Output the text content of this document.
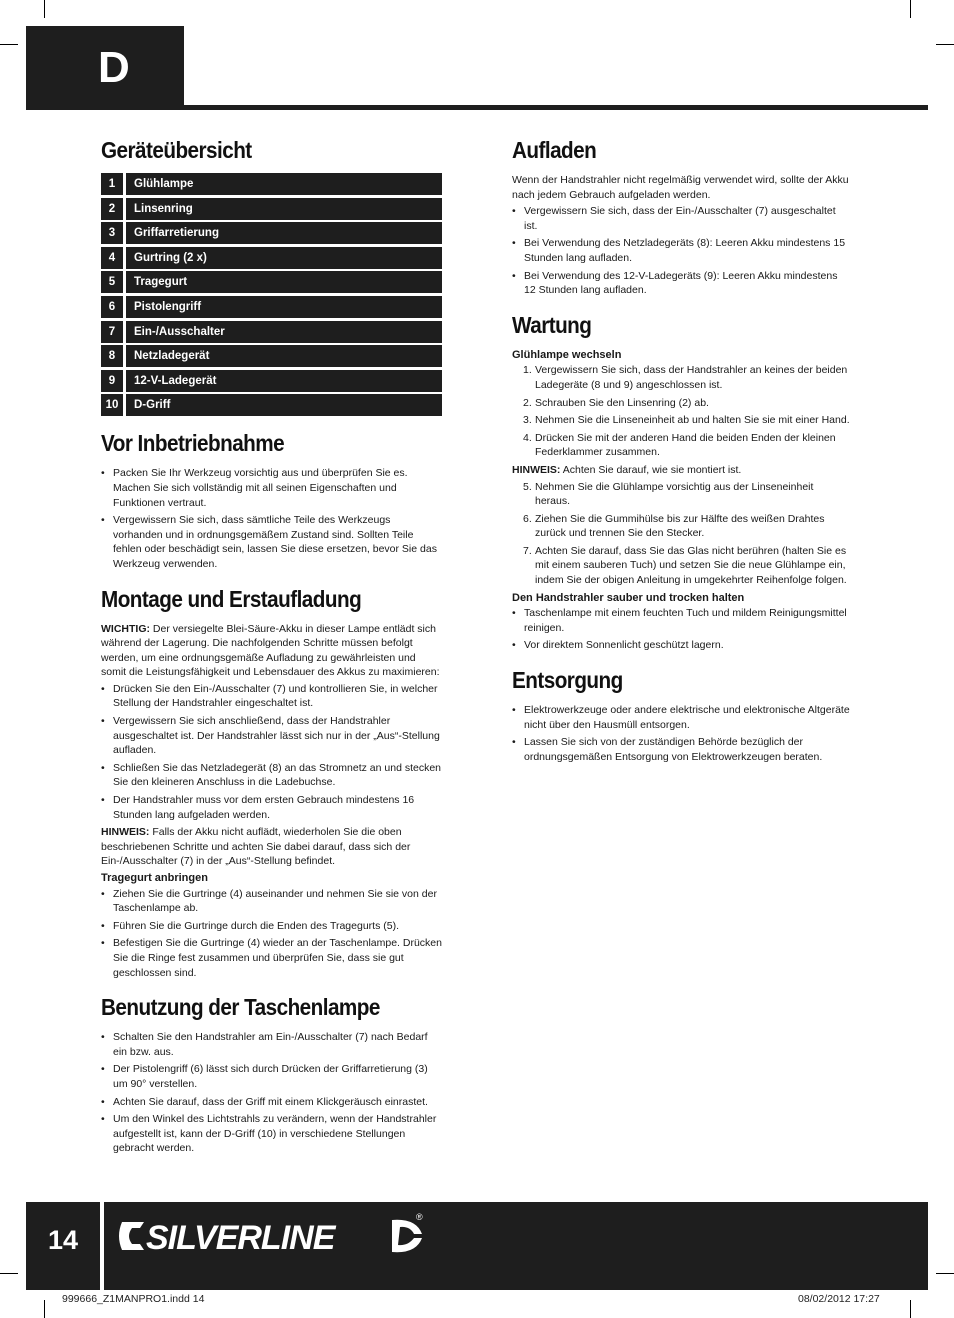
D
Geräteübersicht
1	Glühlampe
2	Linsenring
3	Griffarretierung
4	Gurtring (2 x)
5	Tragegurt
6	Pistolengriff
7	Ein-/Ausschalter
8	Netzladegerät
9	12-V-Ladegerät
10	D-Griff
Vor Inbetriebnahme
• Packen Sie Ihr Werkzeug vorsichtig aus und überprüfen Sie es. Machen Sie sich vollständig mit all seinen Eigenschaften und Funktionen vertraut.
• Vergewissern Sie sich, dass sämtliche Teile des Werkzeugs vorhanden und in ordnungsgemäßem Zustand sind. Sollten Teile fehlen oder beschädigt sein, lassen Sie diese ersetzen, bevor Sie das Werkzeug verwenden.
Montage und Erstaufladung

WICHTIG: Der versiegelte Blei-Säure-Akku in dieser Lampe entlädt sich während der Lagerung. Die nachfolgenden Schritte müssen befolgt werden, um eine ordnungsgemäße Aufladung zu gewährleisten und somit die Leistungsfähigkeit und Lebensdauer des Akkus zu maximieren:

• Drücken Sie den Ein-/Ausschalter (7) und kontrollieren Sie, in welcher Stellung der Handstrahler eingeschaltet ist.
• Vergewissern Sie sich anschließend, dass der Handstrahler ausgeschaltet ist. Der Handstrahler lässt sich nur in der „Aus“-Stellung aufladen.
• Schließen Sie das Netzladegerät (8) an das Stromnetz an und stecken Sie den kleineren Anschluss in die Ladebuchse.
• Der Handstrahler muss vor dem ersten Gebrauch mindestens 16 Stunden lang aufgeladen werden.

HINWEIS: Falls der Akku nicht auflädt, wiederholen Sie die oben beschriebenen Schritte und achten Sie dabei darauf, dass sich der Ein-/Ausschalter (7) in der „Aus“-Stellung befindet.

Tragegurt anbringen
• Ziehen Sie die Gurtringe (4) auseinander und nehmen Sie sie von der Taschenlampe ab.
• Führen Sie die Gurtringe durch die Enden des Tragegurts (5).
• Befestigen Sie die Gurtringe (4) wieder an der Taschenlampe. Drücken Sie die Ringe fest zusammen und überprüfen Sie, dass sie gut geschlossen sind.
Benutzung der Taschenlampe
• Schalten Sie den Handstrahler am Ein-/Ausschalter (7) nach Bedarf ein bzw. aus.
• Der Pistolengriff (6) lässt sich durch Drücken der Griffarretierung (3) um 90° verstellen.
• Achten Sie darauf, dass der Griff mit einem Klickgeräusch einrastet.
• Um den Winkel des Lichtstrahls zu verändern, wenn der Handstrahler aufgestellt ist, kann der D-Griff (10) in verschiedene Stellungen gebracht werden.
Aufladen

Wenn der Handstrahler nicht regelmäßig verwendet wird, sollte der Akku nach jedem Gebrauch aufgeladen werden.

• Vergewissern Sie sich, dass der Ein-/Ausschalter (7) ausgeschaltet ist.
• Bei Verwendung des Netzladegeräts (8): Leeren Akku mindestens 15 Stunden lang aufladen.
• Bei Verwendung des 12-V-Ladegeräts (9): Leeren Akku mindestens 12 Stunden lang aufladen.
Wartung
Glühlampe wechseln
1. Vergewissern Sie sich, dass der Handstrahler an keines der beiden Ladegeräte (8 und 9) angeschlossen ist.
2. Schrauben Sie den Linsenring (2) ab.
3. Nehmen Sie die Linseneinheit ab und halten Sie sie mit einer Hand.
4. Drücken Sie mit der anderen Hand die beiden Enden der kleinen Federklammer zusammen.

HINWEIS: Achten Sie darauf, wie sie montiert ist.

5. Nehmen Sie die Glühlampe vorsichtig aus der Linseneinheit heraus.
6. Ziehen Sie die Gummihülse bis zur Hälfte des weißen Drahtes zurück und trennen Sie den Stecker.
7. Achten Sie darauf, dass Sie das Glas nicht berühren (halten Sie es mit einem sauberen Tuch) und setzen Sie die neue Glühlampe ein, indem Sie der obigen Anleitung in umgekehrter Reihenfolge folgen.
Den Handstrahler sauber und trocken halten
• Taschenlampe mit einem feuchten Tuch und mildem Reinigungsmittel reinigen.
• Vor direktem Sonnenlicht geschützt lagern.
Entsorgung
• Elektrowerkzeuge oder andere elektrische und elektronische Altgeräte nicht über den Hausmüll entsorgen.
• Lassen Sie sich von der zuständigen Behörde bezüglich der ordnungsgemäßen Entsorgung von Elektrowerkzeugen beraten.
14	SILVERLINE
®
999666_Z1MANPRO1.indd 14	08/02/2012 17:27
